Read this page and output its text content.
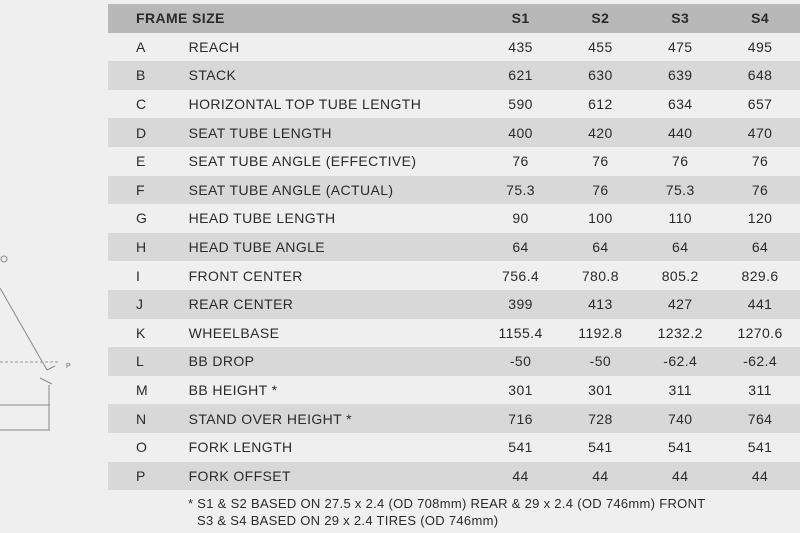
P
FRAME SIZE	S1	S2	S3	S4
A	REACH	435	455	475	495
B	STACK	621	630	639	648
C	HORIZONTAL TOP TUBE LENGTH	590	612	634	657
D	SEAT TUBE LENGTH	400	420	440	470
E	SEAT TUBE ANGLE (EFFECTIVE)	76	76	76	76
F	SEAT TUBE ANGLE (ACTUAL)	75.3	76	75.3	76
G	HEAD TUBE LENGTH	90	100	110	120
H	HEAD TUBE ANGLE	64	64	64	64
I	FRONT CENTER	756.4	780.8	805.2	829.6
J	REAR CENTER	399	413	427	441
K	WHEELBASE	1155.4	1192.8	1232.2	1270.6
L	BB DROP	-50	-50	-62.4	-62.4
M	BB HEIGHT *	301	301	311	311
N	STAND OVER HEIGHT *	716	728	740	764
O	FORK LENGTH	541	541	541	541
P	FORK OFFSET	44	44	44	44
* S1 & S2 BASED ON 27.5 x 2.4 (OD 708mm) REAR & 29 x 2.4 (OD 746mm) FRONT
S3 & S4 BASED ON 29 x 2.4 TIRES (OD 746mm)
